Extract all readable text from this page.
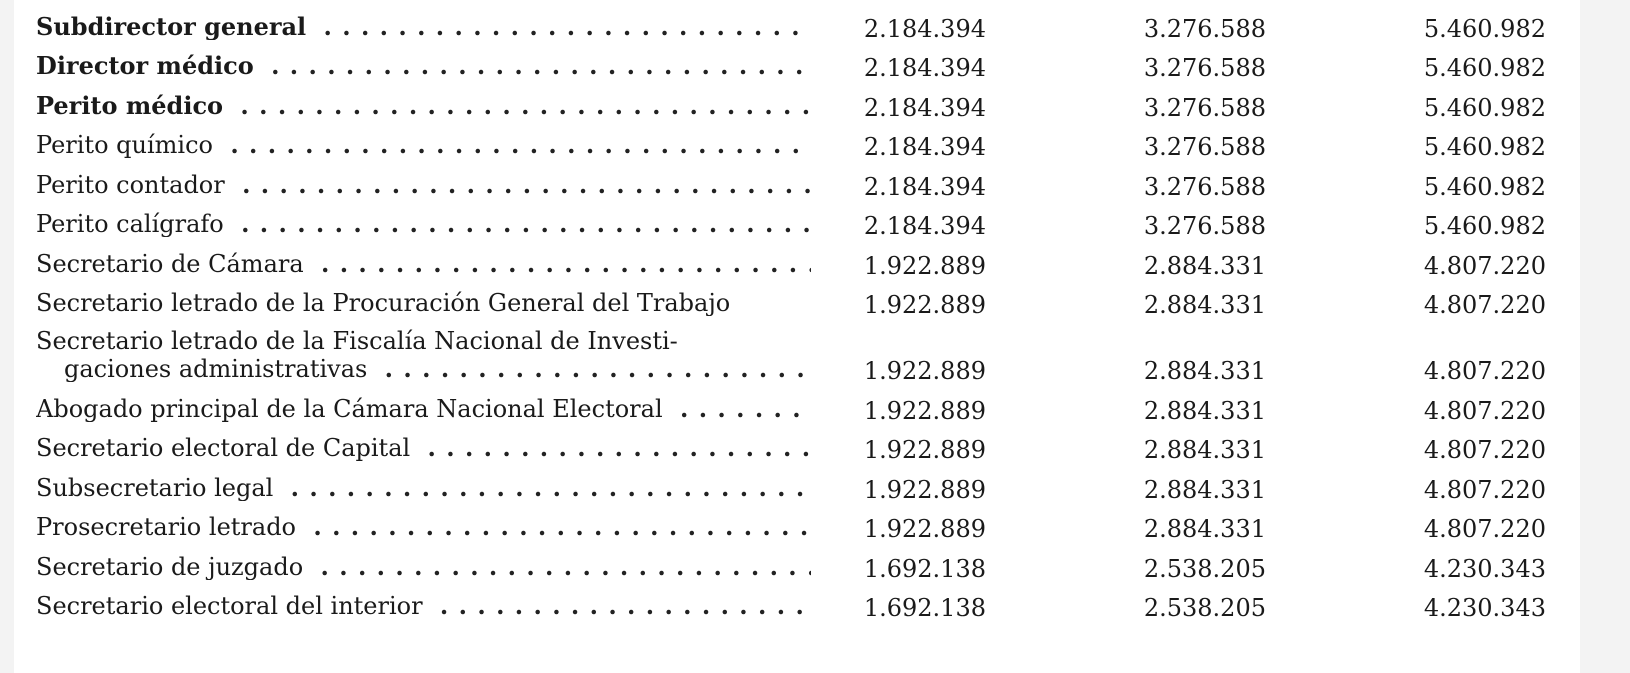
Subdirector general . . .	2.184.394	3.276.588	5.460.982
Director médico . . .	2.184.394	3.276.588	5.460.982
Perito médico . . .	2.184.394	3.276.588	5.460.982
Perito químico . . .	2.184.394	3.276.588	5.460.982
Perito contador . . .	2.184.394	3.276.588	5.460.982
Perito calígrafo . . .	2.184.394	3.276.588	5.460.982
Secretario de Cámara . . .	1.922.889	2.884.331	4.807.220
Secretario letrado de la Procuración General del Trabajo	1.922.889	2.884.331	4.807.220
Secretario letrado de la Fiscalía Nacional de Investi-
gaciones administrativas . . .	1.922.889	2.884.331	4.807.220
Abogado principal de la Cámara Nacional Electoral . . .	1.922.889	2.884.331	4.807.220
Secretario electoral de Capital . . .	1.922.889	2.884.331	4.807.220
Subsecretario legal . . .	1.922.889	2.884.331	4.807.220
Prosecretario letrado . . .	1.922.889	2.884.331	4.807.220
Secretario de juzgado . . .	1.692.138	2.538.205	4.230.343
Secretario electoral del interior . . .	1.692.138	2.538.205	4.230.343
